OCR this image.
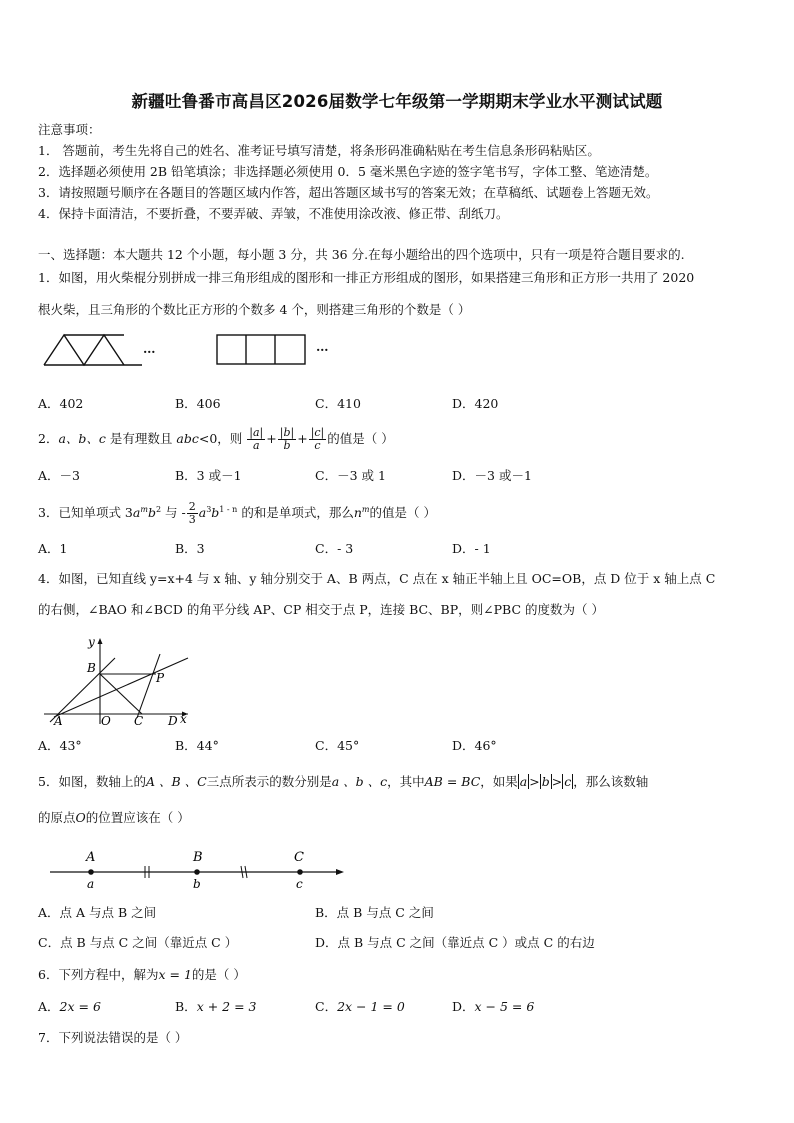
新疆吐鲁番市高昌区2026届数学七年级第一学期期末学业水平测试试题
注意事项：
1． 答题前，考生先将自己的姓名、准考证号填写清楚，将条形码准确粘贴在考生信息条形码粘贴区。
2．选择题必须使用 2B 铅笔填涂；非选择题必须使用 0．5 毫米黑色字迹的签字笔书写，字体工整、笔迹清楚。
3．请按照题号顺序在各题目的答题区域内作答，超出答题区域书写的答案无效；在草稿纸、试题卷上答题无效。
4．保持卡面清洁，不要折叠，不要弄破、弄皱，不准使用涂改液、修正带、刮纸刀。
一、选择题：本大题共 12 个小题，每小题 3 分，共 36 分.在每小题给出的四个选项中，只有一项是符合题目要求的.
1．如图，用火柴棍分别拼成一排三角形组成的图形和一排正方形组成的图形，如果搭建三角形和正方形一共用了 2020
根火柴，且三角形的个数比正方形的个数多 4 个，则搭建三角形的个数是（ ）
…	…
A．402	B．406	C．410	D．420
2．a、b、c 是有理数且 abc<0，则 $\frac{|a|}{a} + \frac{|b|}{b} + \frac{|c|}{c}$ 的值是（ ）
A．－3	B．3 或－1	C．－3 或 1	D．－3 或－1
3．已知单项式 $3a^mb^2$ 与 - $\frac{2}{3} a^3b^{1 - n}$ 的和是单项式，那么$n^m$的值是（ ）
A．1	B．3	C．- 3	D．- 1
4．如图，已知直线 y=x+4 与 x 轴、y 轴分别交于 A、B 两点，C 点在 x 轴正半轴上且 OC=OB，点 D 位于 x 轴上点 C
的右侧，∠BAO 和∠BCD 的角平分线 AP、CP 相交于点 P，连接 BC、BP，则∠PBC 的度数为（ ）
y
B
P
A	O C D x
A．43°	B．44°	C．45°	D．46°
5．如图，数轴上的A 、B 、C三点所表示的数分别是a 、b 、c，其中AB = BC，如果 a > b > c ，那么该数轴
的原点O的位置应该在（ ）
A	B	C
a	b	c
A．点 A 与点 B 之间	B．点 B 与点 C 之间
C．点 B 与点 C 之间（靠近点 C ）	D．点 B 与点 C 之间（靠近点 C ）或点 C 的右边
6．下列方程中，解为x = 1的是（ ）
A．2x = 6	B．x + 2 = 3	C．2x − 1 = 0	D．x − 5 = 6
7．下列说法错误的是（ ）
